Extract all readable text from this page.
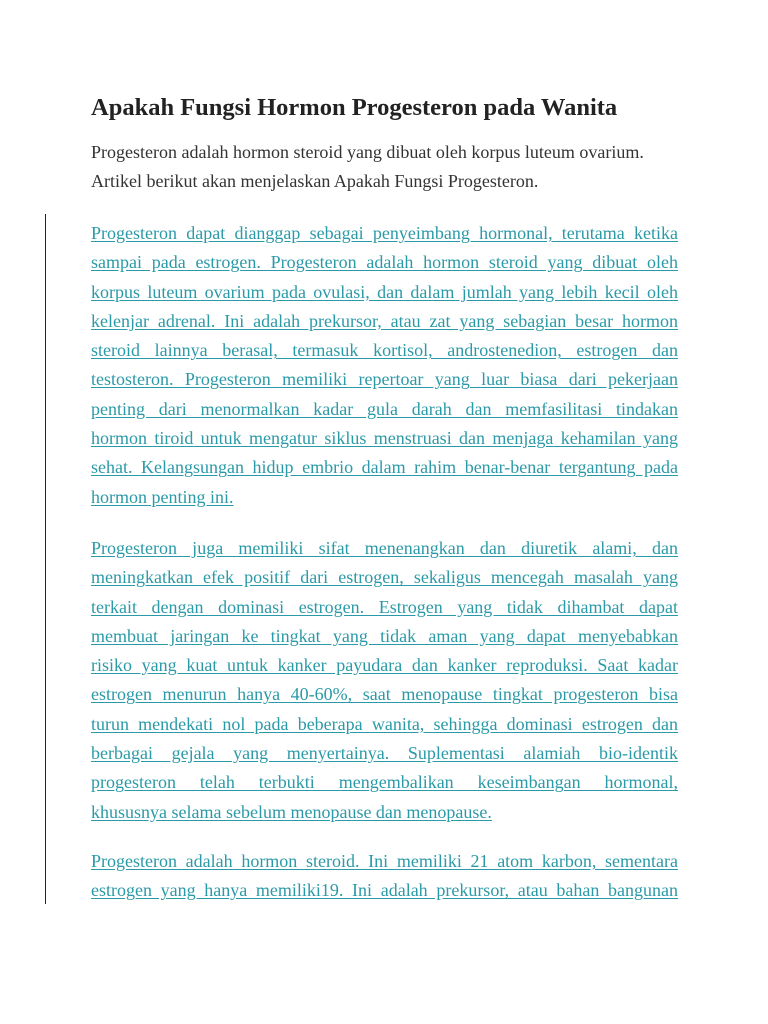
Apakah Fungsi Hormon Progesteron pada Wanita

Progesteron adalah hormon steroid yang dibuat oleh korpus luteum ovarium.
Artikel berikut akan menjelaskan Apakah Fungsi Progesteron.

Progesteron dapat dianggap sebagai penyeimbang hormonal, terutama ketika
sampai pada estrogen. Progesteron adalah hormon steroid yang dibuat oleh
korpus luteum ovarium pada ovulasi, dan dalam jumlah yang lebih kecil oleh
kelenjar adrenal. Ini adalah prekursor, atau zat yang sebagian besar hormon
steroid lainnya berasal, termasuk kortisol, androstenedion, estrogen dan
testosteron. Progesteron memiliki repertoar yang luar biasa dari pekerjaan
penting dari menormalkan kadar gula darah dan memfasilitasi tindakan
hormon tiroid untuk mengatur siklus menstruasi dan menjaga kehamilan yang
sehat. Kelangsungan hidup embrio dalam rahim benar-benar tergantung pada
hormon penting ini.

Progesteron juga memiliki sifat menenangkan dan diuretik alami, dan
meningkatkan efek positif dari estrogen, sekaligus mencegah masalah yang
terkait dengan dominasi estrogen. Estrogen yang tidak dihambat dapat
membuat jaringan ke tingkat yang tidak aman yang dapat menyebabkan
risiko yang kuat untuk kanker payudara dan kanker reproduksi. Saat kadar
estrogen menurun hanya 40-60%, saat menopause tingkat progesteron bisa
turun mendekati nol pada beberapa wanita, sehingga dominasi estrogen dan
berbagai gejala yang menyertainya. Suplementasi alamiah bio-identik
progesteron telah terbukti mengembalikan keseimbangan hormonal,
khususnya selama sebelum menopause dan menopause.

Progesteron adalah hormon steroid. Ini memiliki 21 atom karbon, sementara
estrogen yang hanya memiliki19. Ini adalah prekursor, atau bahan bangunan
